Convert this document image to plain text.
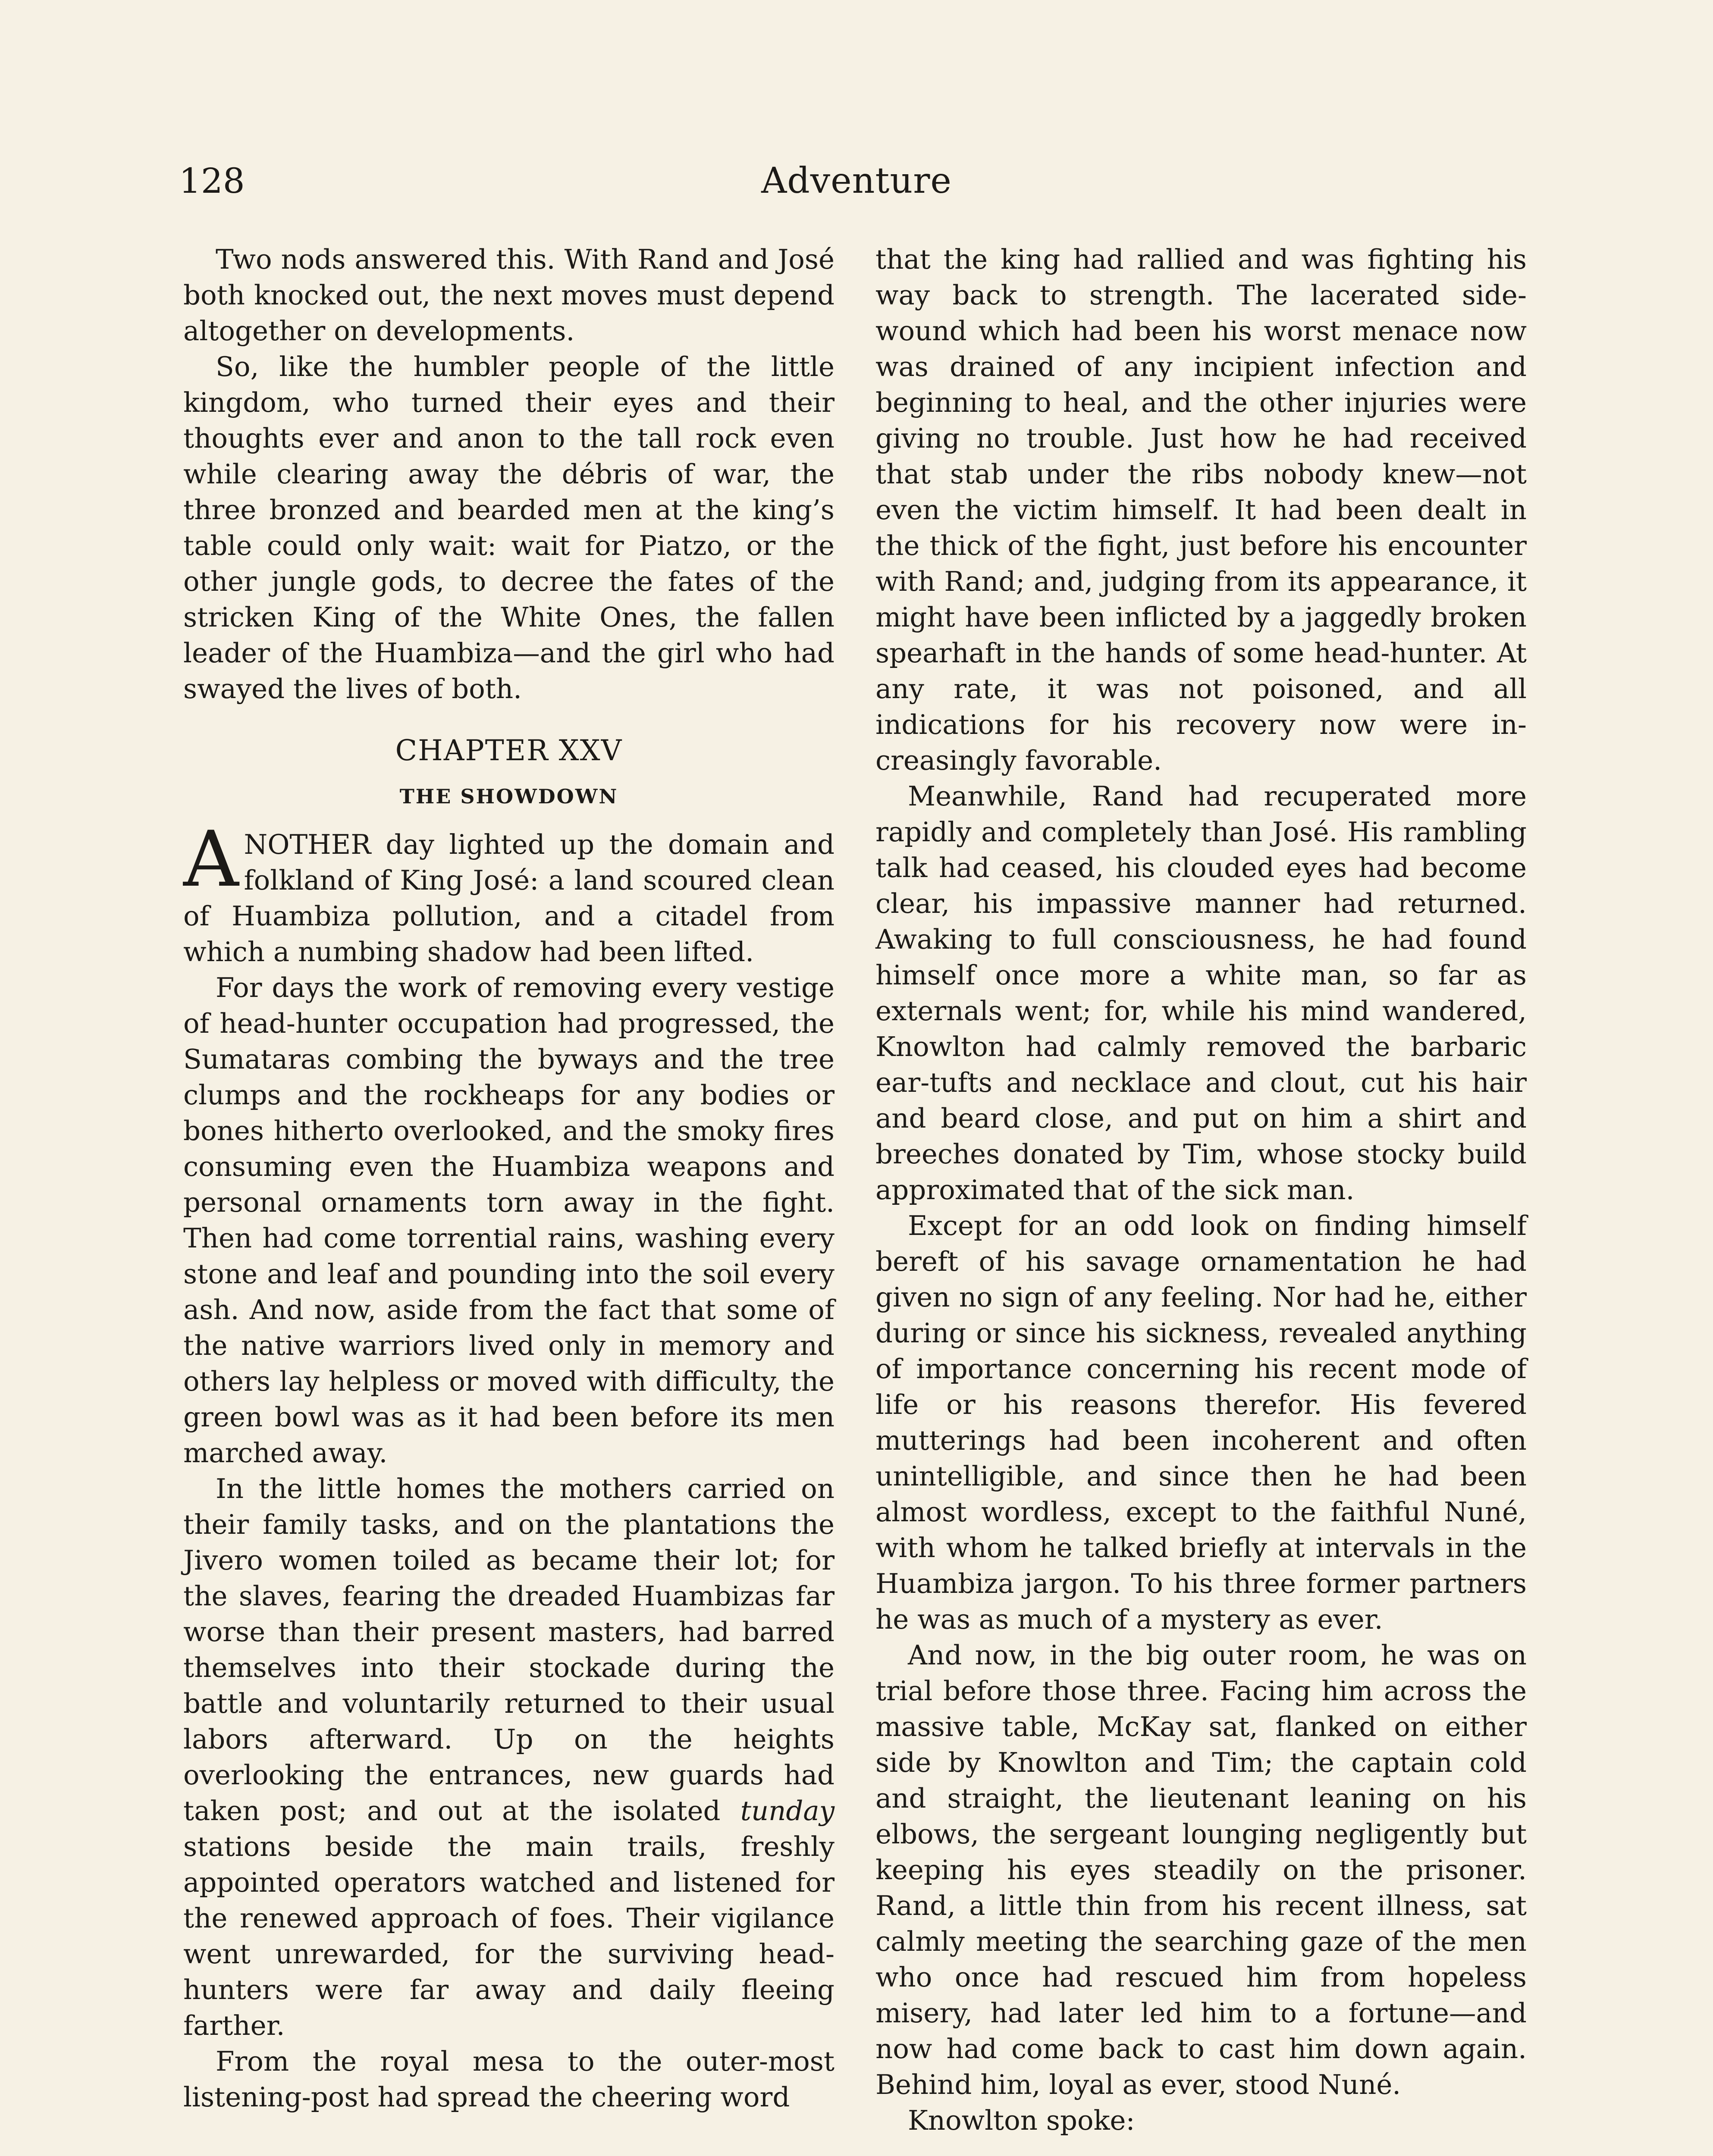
128	Adventure

Two nods answered this. With Rand and José both knocked out, the next moves must depend altogether on developments.

So, like the humbler people of the little kingdom, who turned their eyes and their thoughts ever and anon to the tall rock even while clearing away the débris of war, the three bronzed and bearded men at the king’s table could only wait: wait for Piatzo, or the other jungle gods, to decree the fates of the stricken King of the White Ones, the fallen leader of the Huambiza—and the girl who had swayed the lives of both.

CHAPTER XXV
THE SHOWDOWN

ANOTHER day lighted up the domain and folkland of King José: a land scoured clean of Huambiza pollution, and a citadel from which a numbing shadow had been lifted.

For days the work of removing every vestige of head-hunter occupation had progressed, the Sumataras combing the byways and the tree clumps and the rockheaps for any bodies or bones hitherto overlooked, and the smoky fires consuming even the Huambiza weapons and personal ornaments torn away in the fight. Then had come torrential rains, washing every stone and leaf and pounding into the soil every ash. And now, aside from the fact that some of the native warriors lived only in memory and others lay helpless or moved with difficulty, the green bowl was as it had been before its men marched away.

In the little homes the mothers carried on their family tasks, and on the plantations the Jivero women toiled as became their lot; for the slaves, fearing the dreaded Huambizas far worse than their present masters, had barred themselves into their stockade during the battle and voluntarily returned to their usual labors afterward. Up on the heights overlooking the entrances, new guards had taken post; and out at the isolated tunday stations beside the main trails, freshly appointed operators watched and listened for the renewed approach of foes. Their vigilance went unrewarded, for the surviving head-hunters were far away and daily fleeing farther.

From the royal mesa to the outer-most listening-post had spread the cheering word

that the king had rallied and was fighting his way back to strength. The lacerated side-wound which had been his worst menace now was drained of any incipient infection and beginning to heal, and the other injuries were giving no trouble. Just how he had received that stab under the ribs nobody knew—not even the victim himself. It had been dealt in the thick of the fight, just before his encounter with Rand; and, judging from its appearance, it might have been inflicted by a jaggedly broken spearhaft in the hands of some head-hunter. At any rate, it was not poisoned, and all indications for his recovery now were increasingly favorable.

Meanwhile, Rand had recuperated more rapidly and completely than José. His rambling talk had ceased, his clouded eyes had become clear, his impassive manner had returned. Awaking to full consciousness, he had found himself once more a white man, so far as externals went; for, while his mind wandered, Knowlton had calmly removed the barbaric ear-tufts and necklace and clout, cut his hair and beard close, and put on him a shirt and breeches donated by Tim, whose stocky build approximated that of the sick man.

Except for an odd look on finding himself bereft of his savage ornamentation he had given no sign of any feeling. Nor had he, either during or since his sickness, revealed anything of importance concerning his recent mode of life or his reasons therefor. His fevered mutterings had been incoherent and often unintelligible, and since then he had been almost wordless, except to the faithful Nuné, with whom he talked briefly at intervals in the Huambiza jargon. To his three former partners he was as much of a mystery as ever.

And now, in the big outer room, he was on trial before those three. Facing him across the massive table, McKay sat, flanked on either side by Knowlton and Tim; the captain cold and straight, the lieutenant leaning on his elbows, the sergeant lounging negligently but keeping his eyes steadily on the prisoner. Rand, a little thin from his recent illness, sat calmly meeting the searching gaze of the men who once had rescued him from hopeless misery, had later led him to a fortune—and now had come back to cast him down again. Behind him, loyal as ever, stood Nuné.

Knowlton spoke:
